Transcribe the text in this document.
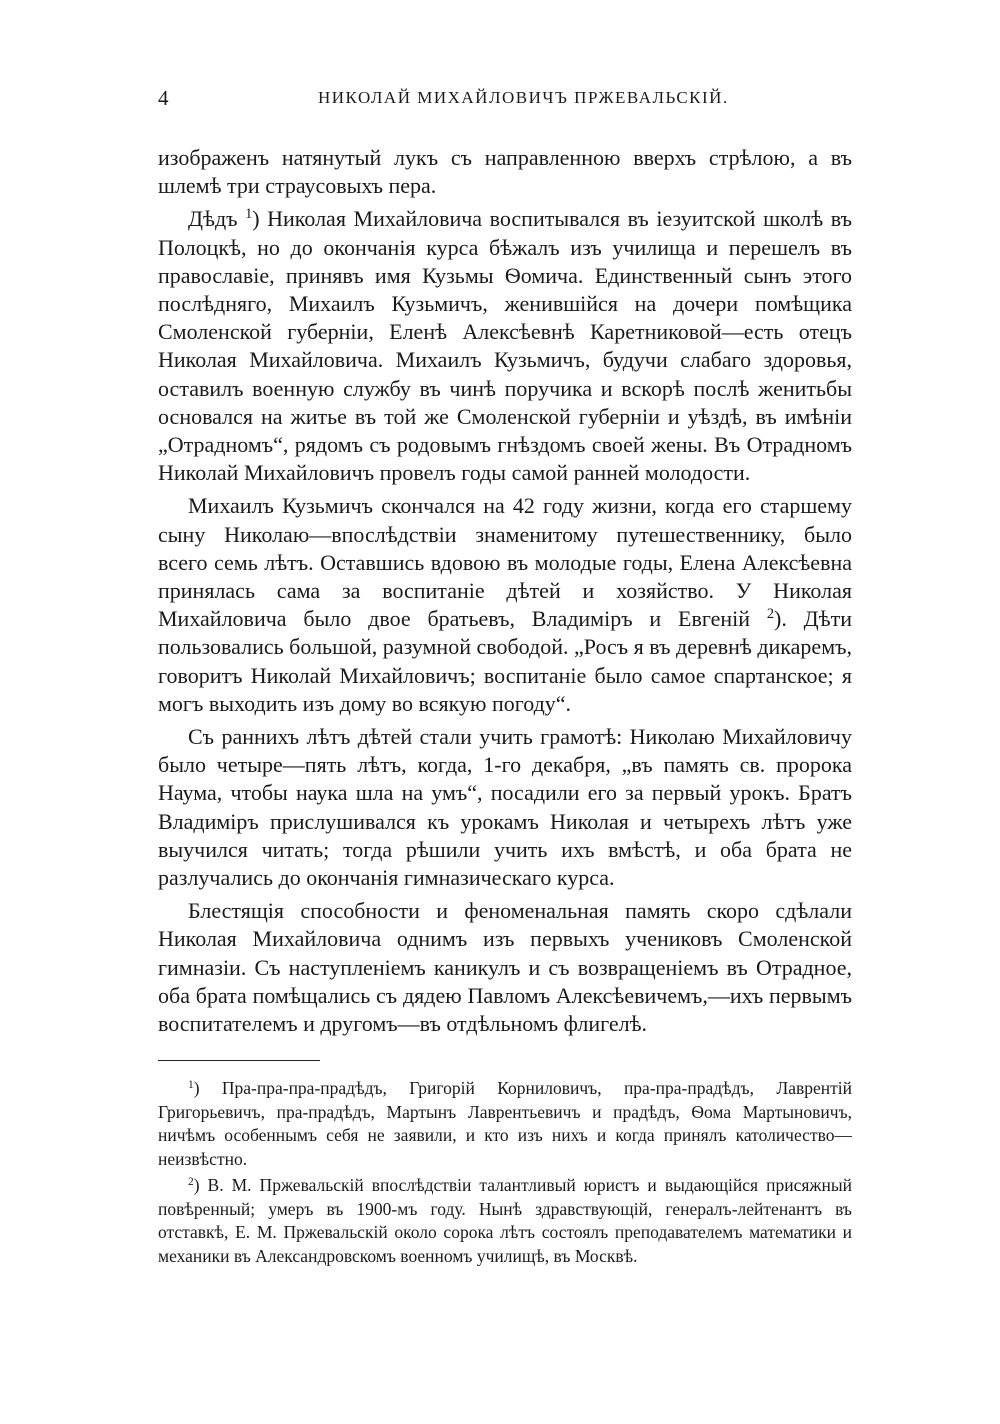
4	НИКОЛАЙ МИХАЙЛОВИЧЪ ПРЖЕВАЛЬСКІЙ.

изображенъ натянутый лукъ съ направленною вверхъ стрѣлою, а въ шлемѣ три страусовыхъ пера.

Дѣдъ $^1$) Николая Михайловича воспитывался въ іезуитской школѣ въ Полоцкѣ, но до окончанія курса бѣжалъ изъ училища и перешелъ въ православіе, принявъ имя Кузьмы Ѳомича. Единственный сынъ этого послѣдняго, Михаилъ Кузьмичъ, женившійся на дочери помѣщика Смоленской губерніи, Еленѣ Алексѣевнѣ Каретниковой—есть отецъ Николая Михайловича. Михаилъ Кузьмичъ, будучи слабаго здоровья, оставилъ военную службу въ чинѣ поручика и вскорѣ послѣ женитьбы основался на житье въ той же Смоленской губерніи и уѣздѣ, въ имѣніи „Отрадномъ“, рядомъ съ родовымъ гнѣздомъ своей жены. Въ Отрадномъ Николай Михайловичъ провелъ годы самой ранней молодости.

Михаилъ Кузьмичъ скончался на 42 году жизни, когда его старшему сыну Николаю—впослѣдствіи знаменитому путешественнику, было всего семь лѣтъ. Оставшись вдовою въ молодые годы, Елена Алексѣевна принялась сама за воспитаніе дѣтей и хозяйство. У Николая Михайловича было двое братьевъ, Владиміръ и Евгеній $^2$). Дѣти пользовались большой, разумной свободой. „Росъ я въ деревнѣ дикаремъ, говоритъ Николай Михайловичъ; воспитаніе было самое спартанское; я могъ выходить изъ дому во всякую погоду“.

Съ раннихъ лѣтъ дѣтей стали учить грамотѣ: Николаю Михайловичу было четыре—пять лѣтъ, когда, 1-го декабря, „въ память св. пророка Наума, чтобы наука шла на умъ“, посадили его за первый урокъ. Братъ Владиміръ прислушивался къ урокамъ Николая и четырехъ лѣтъ уже выучился читать; тогда рѣшили учить ихъ вмѣстѣ, и оба брата не разлучались до окончанія гимназическаго курса.

Блестящія способности и феноменальная память скоро сдѣлали Николая Михайловича однимъ изъ первыхъ учениковъ Смоленской гимназіи. Съ наступленіемъ каникулъ и съ возвращеніемъ въ Отрадное, оба брата помѣщались съ дядею Павломъ Алексѣевичемъ,—ихъ первымъ воспитателемъ и другомъ—въ отдѣльномъ флигелѣ.

$^1$) Пра-пра-пра-прадѣдъ, Григорій Корниловичъ, пра-пра-прадѣдъ, Лаврентій Григорьевичъ, пра-прадѣдъ, Мартынъ Лаврентьевичъ и прадѣдъ, Ѳома Мартыновичъ, ничѣмъ особеннымъ себя не заявили, и кто изъ нихъ и когда принялъ католичество—неизвѣстно.

$^2$) В. М. Пржевальскій впослѣдствіи талантливый юристъ и выдающійся присяжный повѣренный; умеръ въ 1900-мъ году. Нынѣ здравствующій, генералъ-лейтенантъ въ отставкѣ, Е. М. Пржевальскій около сорока лѣтъ состоялъ преподавателемъ математики и механики въ Александровскомъ военномъ училищѣ, въ Москвѣ.
